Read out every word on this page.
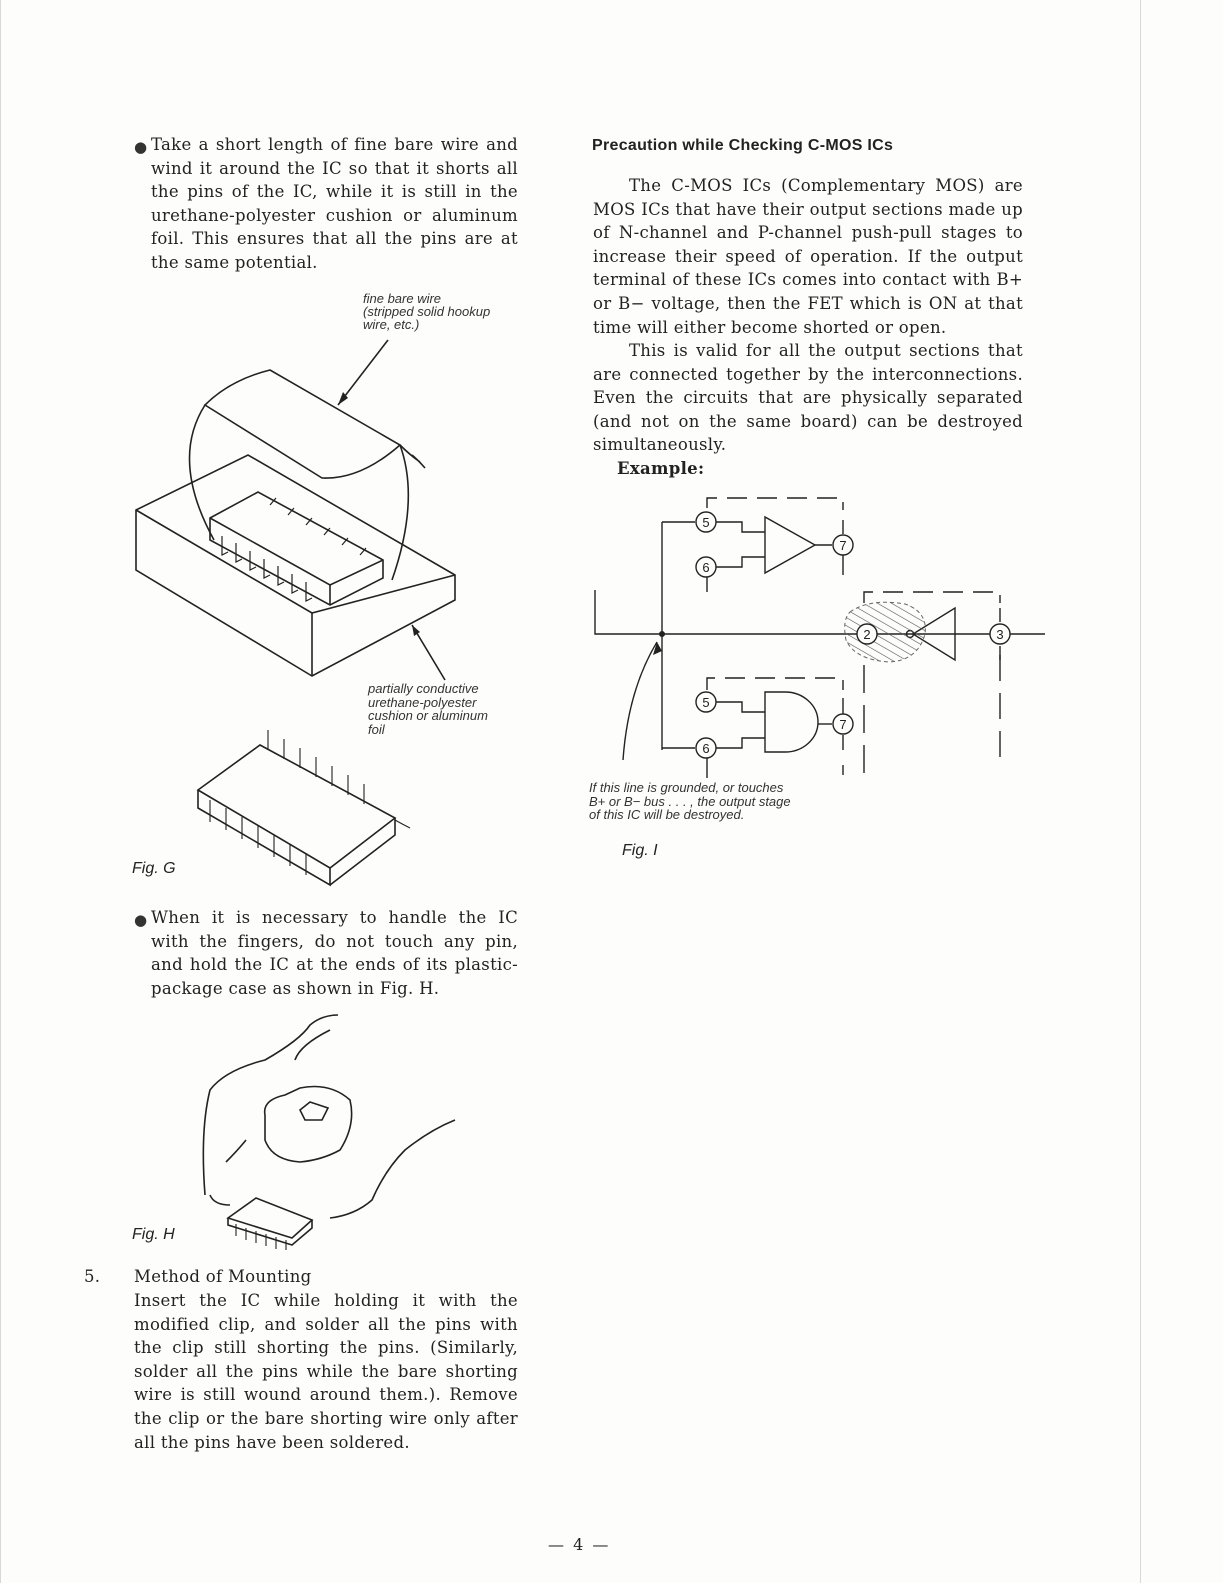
● Take a short length of fine bare wire and wind it around the IC so that it shorts all the pins of the IC, while it is still in the urethane-polyester cushion or aluminum foil. This ensures that all the pins are at the same potential.

fine bare wire
(stripped solid hookup
wire, etc.)
partially conductive
urethane-polyester
cushion or aluminum
foil
Fig. G
● When it is necessary to handle the IC with the fingers, do not touch any pin, and hold the IC at the ends of its plastic-package case as shown in Fig. H.

Fig. H
5. Method of Mounting

Insert the IC while holding it with the modified clip, and solder all the pins with the clip still shorting the pins. (Similarly, solder all the pins while the bare shorting wire is still wound around them.). Remove the clip or the bare shorting wire only after all the pins have been soldered.

Precaution while Checking C-MOS ICs

The C-MOS ICs (Complementary MOS) are MOS ICs that have their output sections made up of N-channel and P-channel push-pull stages to increase their speed of operation. If the output terminal of these ICs comes into contact with B+ or B− voltage, then the FET which is ON at that time will either become shorted or open.

This is valid for all the output sections that are connected together by the interconnections. Even the circuits that are physically separated (and not on the same board) can be destroyed simultaneously.

Example:
5
6
7
5
6
7
2	3
If this line is grounded, or touches
B+ or B− bus . . . , the output stage
of this IC will be destroyed.
Fig. I
— 4 —
